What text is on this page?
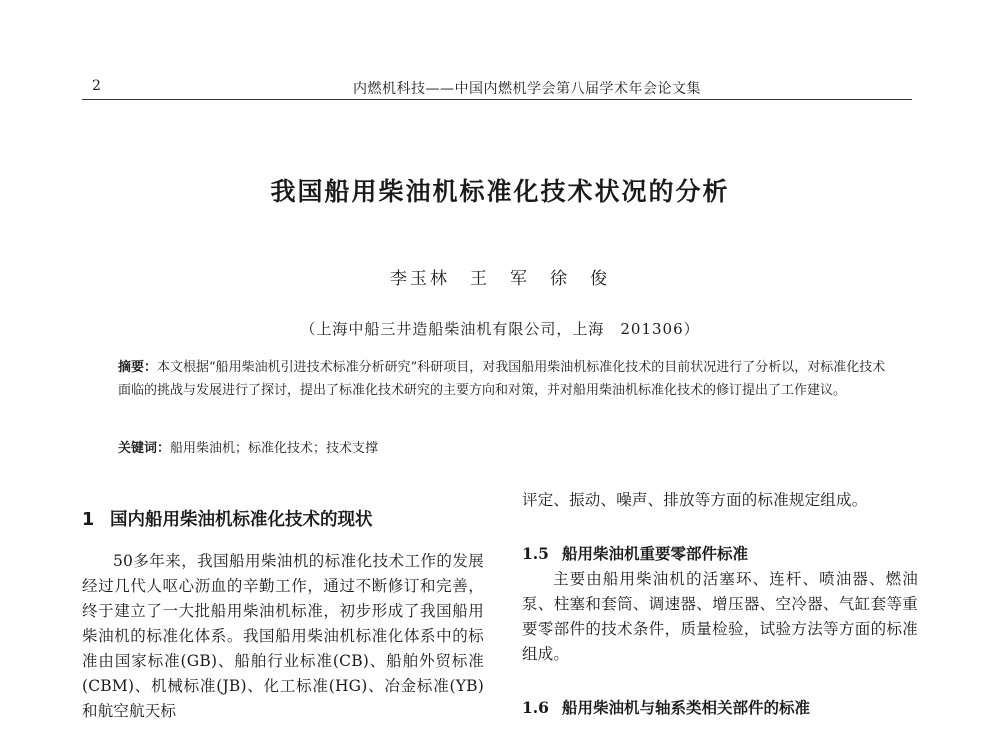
2	内燃机科技——中国内燃机学会第八届学术年会论文集
我国船用柴油机标准化技术状况的分析
李玉林　王　军　徐　俊
（上海中船三井造船柴油机有限公司，上海　201306）
摘要：本文根据“船用柴油机引进技术标准分析研究”科研项目，对我国船用柴油机标准化技术的目前状况进行了分析以，对标准化技术面临的挑战与发展进行了探讨，提出了标准化技术研究的主要方向和对策，并对船用柴油机标准化技术的修订提出了工作建议。
关键词：船用柴油机；标准化技术；技术支撑
1 国内船用柴油机标准化技术的现状

50多年来，我国船用柴油机的标准化技术工作的发展经过几代人呕心沥血的辛勤工作，通过不断修订和完善，终于建立了一大批船用柴油机标准，初步形成了我国船用柴油机的标准化体系。我国船用柴油机标准化体系中的标准由国家标准(GB)、船舶行业标准(CB)、船舶外贸标准(CBM)、机械标准(JB)、化工标准(HG)、冶金标准(YB)和航空航天标

评定、振动、噪声、排放等方面的标准规定组成。

1.5 船用柴油机重要零部件标准

主要由船用柴油机的活塞环、连杆、喷油器、燃油泵、柱塞和套筒、调速器、增压器、空冷器、气缸套等重要零部件的技术条件，质量检验，试验方法等方面的标准组成。

1.6 船用柴油机与轴系类相关部件的标准
